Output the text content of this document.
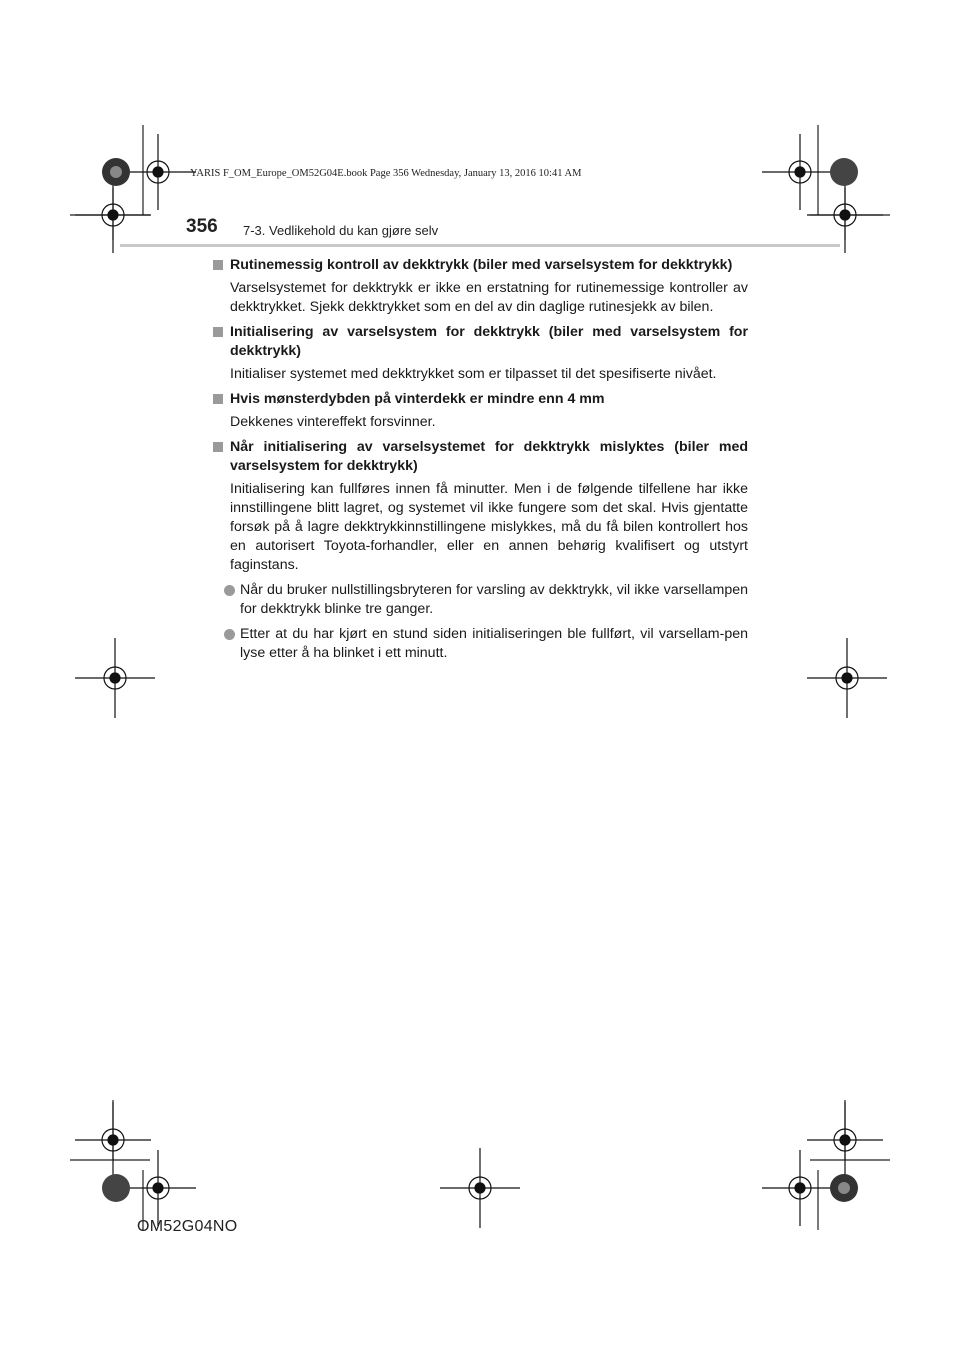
YARIS F_OM_Europe_OM52G04E.book Page 356 Wednesday, January 13, 2016 10:41 AM
356 7-3. Vedlikehold du kan gjøre selv
Rutinemessig kontroll av dekktrykk (biler med varselsystem for dekktrykk)
Varselsystemet for dekktrykk er ikke en erstatning for rutinemessige kontroller av dekktrykket. Sjekk dekktrykket som en del av din daglige rutinesjekk av bilen.
Initialisering av varselsystem for dekktrykk (biler med varselsystem for dekktrykk)
Initialiser systemet med dekktrykket som er tilpasset til det spesifiserte nivået.
Hvis mønsterdybden på vinterdekk er mindre enn 4 mm
Dekkenes vintereffekt forsvinner.
Når initialisering av varselsystemet for dekktrykk mislyktes (biler med varselsystem for dekktrykk)
Initialisering kan fullføres innen få minutter. Men i de følgende tilfellene har ikke innstillingene blitt lagret, og systemet vil ikke fungere som det skal. Hvis gjentatte forsøk på å lagre dekktrykkinnstillingene mislykkes, må du få bilen kontrollert hos en autorisert Toyota-forhandler, eller en annen behørig kvalifisert og utstyrt faginstans.
Når du bruker nullstillingsbryteren for varsling av dekktrykk, vil ikke varsellampen for dekktrykk blinke tre ganger.
Etter at du har kjørt en stund siden initialiseringen ble fullført, vil varsellam-pen lyse etter å ha blinket i ett minutt.
OM52G04NO
